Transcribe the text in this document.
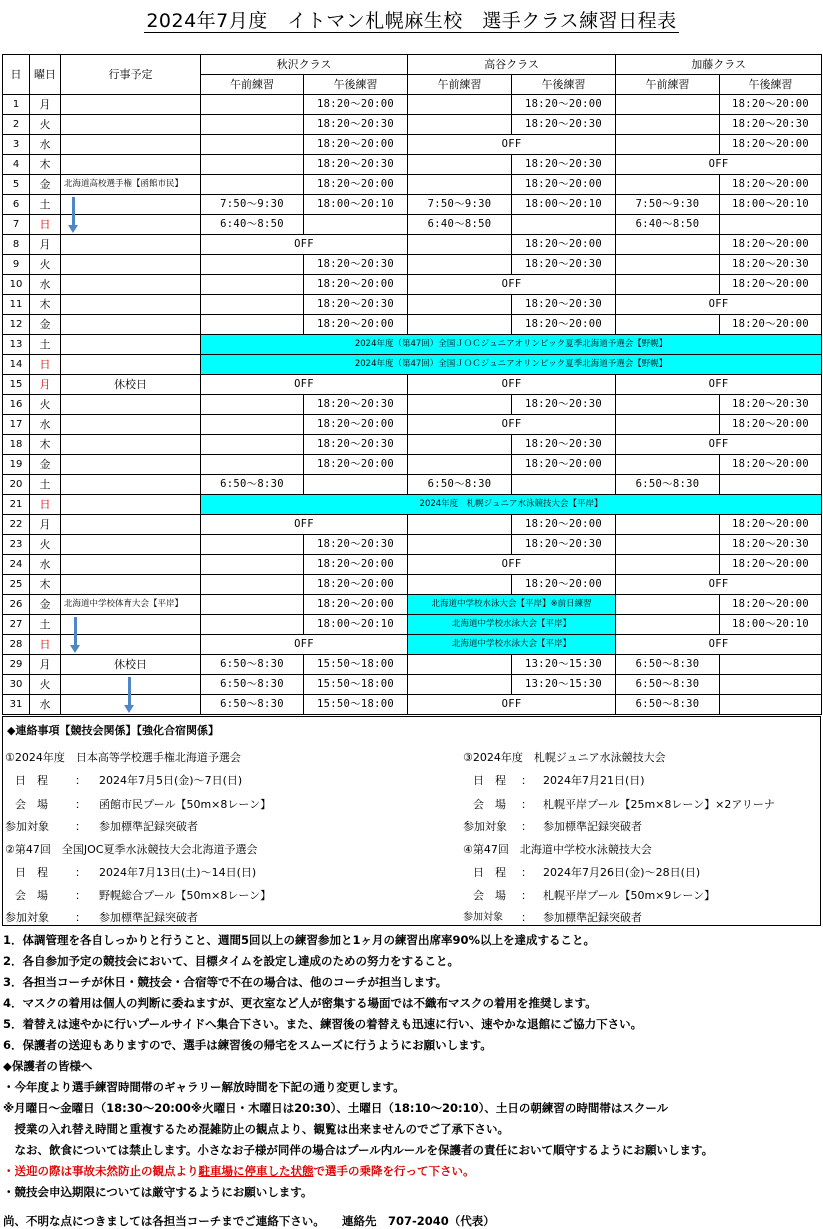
2024年7月度　イトマン札幌麻生校　選手クラス練習日程表
日	曜日	行事予定	秋沢クラス		高谷クラス		加藤クラス	
			午前練習	午後練習	午前練習	午後練習	午前練習	午後練習
1	月			18:20～20:00		18:20～20:00		18:20～20:00
2	火			18:20～20:30		18:20～20:30		18:20～20:30
3	水			18:20～20:00	OFF			18:20～20:00
4	木			18:20～20:30		18:20～20:30	OFF	
5	金	北海道高校選手権【函館市民】		18:20～20:00		18:20～20:00		18:20～20:00
6	土		7:50～9:30	18:00～20:10	7:50～9:30	18:00～20:10	7:50～9:30	18:00～20:10
7	日		6:40～8:50		6:40～8:50		6:40～8:50	
8	月		OFF			18:20～20:00		18:20～20:00
9	火			18:20～20:30		18:20～20:30		18:20～20:30
10	水			18:20～20:00	OFF			18:20～20:00
11	木			18:20～20:30		18:20～20:30	OFF	
12	金			18:20～20:00		18:20～20:00		18:20～20:00
13	土		2024年度（第47回）全国ＪＯＣジュニアオリンピック夏季北海道予選会【野幌】					
14	日		2024年度（第47回）全国ＪＯＣジュニアオリンピック夏季北海道予選会【野幌】					
15	月	休校日	OFF		OFF		OFF	
16	火			18:20～20:30		18:20～20:30		18:20～20:30
17	水			18:20～20:00	OFF			18:20～20:00
18	木			18:20～20:30		18:20～20:30	OFF	
19	金			18:20～20:00		18:20～20:00		18:20～20:00
20	土		6:50～8:30		6:50～8:30		6:50～8:30	
21	日		2024年度　札幌ジュニア水泳競技大会【平岸】					
22	月		OFF			18:20～20:00		18:20～20:00
23	火			18:20～20:30		18:20～20:30		18:20～20:30
24	水			18:20～20:00	OFF			18:20～20:00
25	木			18:20～20:00		18:20～20:00	OFF	
26	金	北海道中学校体育大会【平岸】		18:20～20:00	北海道中学校水泳大会【平岸】※前日練習			18:20～20:00
27	土			18:00～20:10	北海道中学校水泳大会【平岸】			18:00～20:10
28	日		OFF		北海道中学校水泳大会【平岸】		OFF	
29	月	休校日	6:50～8:30	15:50～18:00		13:20～15:30	6:50～8:30	
30	火		6:50～8:30	15:50～18:00		13:20～15:30	6:50～8:30	
31	水		6:50～8:30	15:50～18:00	OFF		6:50～8:30	
◆連絡事項【競技会関係】【強化合宿関係】
①2024年度　日本高等学校選手権北海道予選会
日　程 ： 2024年7月5日(金)～7日(日)
会　場 ： 函館市民プール【50m×8レーン】
参加対象 ： 参加標準記録突破者
②第47回　全国JOC夏季水泳競技大会北海道予選会
日　程 ： 2024年7月13日(土)～14日(日)
会　場 ： 野幌総合プール【50m×8レーン】
参加対象 ： 参加標準記録突破者
③2024年度　札幌ジュニア水泳競技大会
日　程 ： 2024年7月21日(日)
会　場 ： 札幌平岸プール【25m×8レーン】×2アリーナ
参加対象 ： 参加標準記録突破者
④第47回　北海道中学校水泳競技大会
日　程 ： 2024年7月26日(金)～28日(日)
会　場 ： 札幌平岸プール【50m×9レーン】
参加対象 ： 参加標準記録突破者
1．体調管理を各自しっかりと行うこと、週間5回以上の練習参加と1ヶ月の練習出席率90%以上を達成すること。
2．各自参加予定の競技会において、目標タイムを設定し達成のための努力をすること。
3．各担当コーチが休日・競技会・合宿等で不在の場合は、他のコーチが担当します。
4．マスクの着用は個人の判断に委ねますが、更衣室など人が密集する場面では不織布マスクの着用を推奨します。
5．着替えは速やかに行いプールサイドへ集合下さい。また、練習後の着替えも迅速に行い、速やかな退館にご協力下さい。
6．保護者の送迎もありますので、選手は練習後の帰宅をスムーズに行うようにお願いします。
◆保護者の皆様へ
・今年度より選手練習時間帯のギャラリー解放時間を下記の通り変更します。
※月曜日～金曜日（18:30～20:00※火曜日・木曜日は20:30）、土曜日（18:10～20:10）、土日の朝練習の時間帯はスクール
　授業の入れ替え時間と重複するため混雑防止の観点より、観覧は出来ませんのでご了承下さい。
　なお、飲食については禁止します。小さなお子様が同伴の場合はプール内ルールを保護者の責任において順守するようにお願いします。
・送迎の際は事故未然防止の観点より駐車場に停車した状態で選手の乗降を行って下さい。
・競技会申込期限については厳守するようにお願いします。
尚、不明な点につきましては各担当コーチまでご連絡下さい。　　連絡先　707-2040（代表）
